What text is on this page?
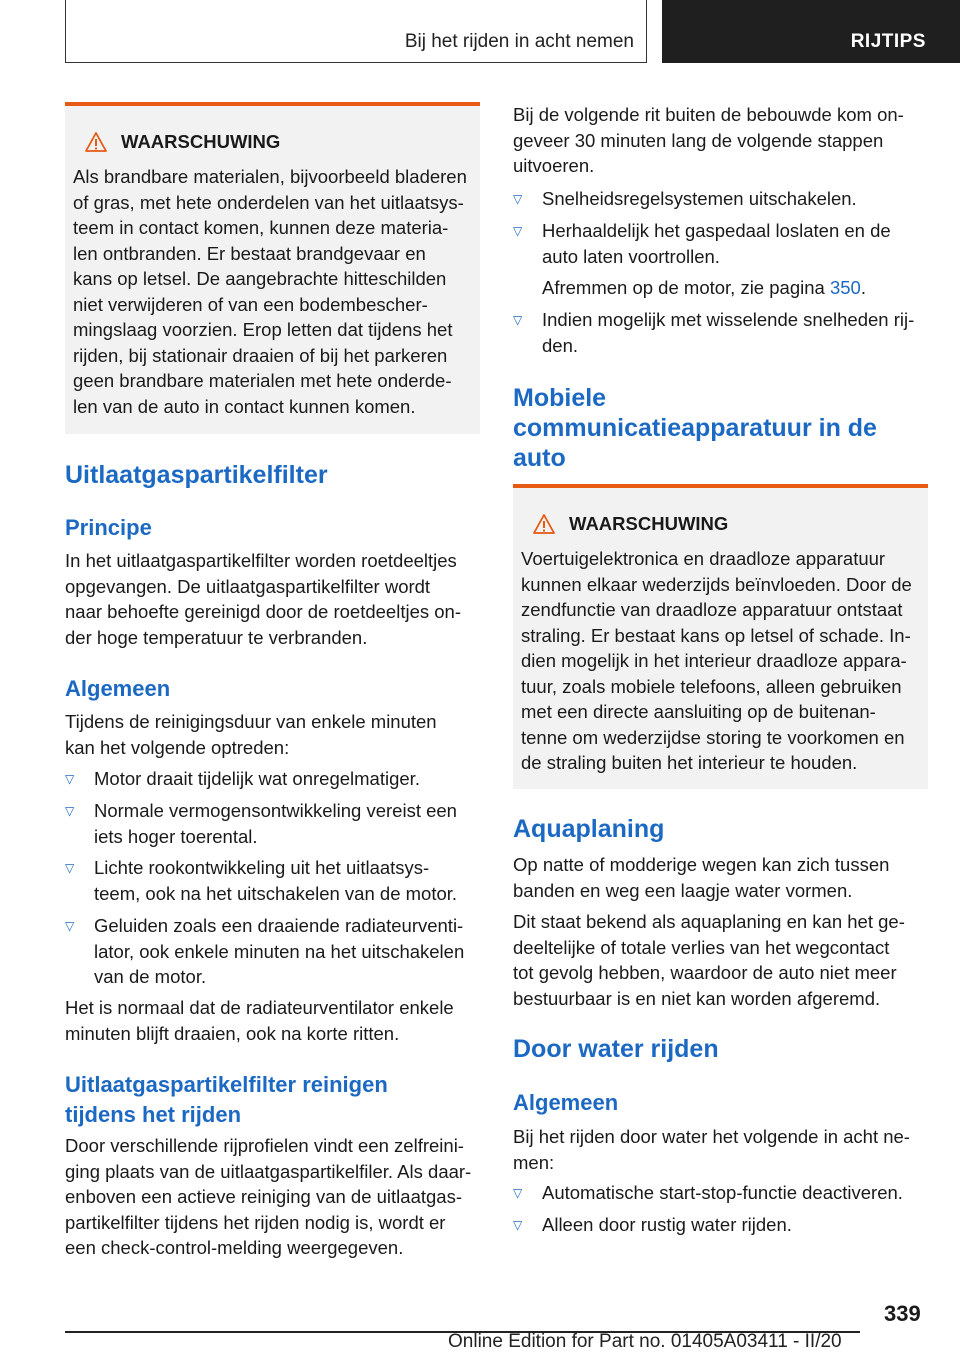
Bij het rijden in acht nemen	RIJTIPS
WAARSCHUWING

Als brandbare materialen, bijvoorbeeld bladeren

of gras, met hete onderdelen van het uitlaatsys-

teem in contact komen, kunnen deze materia-

len ontbranden. Er bestaat brandgevaar en

kans op letsel. De aangebrachte hitteschilden

niet verwijderen of van een bodembescher-

mingslaag voorzien. Erop letten dat tijdens het

rijden, bij stationair draaien of bij het parkeren

geen brandbare materialen met hete onderde-

len van de auto in contact kunnen komen.

Uitlaatgaspartikelfilter
Principe

In het uitlaatgaspartikelfilter worden roetdeeltjes

opgevangen. De uitlaatgaspartikelfilter wordt

naar behoefte gereinigd door de roetdeeltjes on-

der hoge temperatuur te verbranden.

Algemeen

Tijdens de reinigingsduur van enkele minuten

kan het volgende optreden:

▽	Motor draait tijdelijk wat onregelmatiger.

▽	Normale vermogensontwikkeling vereist een

iets hoger toerental.

▽	Lichte rookontwikkeling uit het uitlaatsys-

teem, ook na het uitschakelen van de motor.

▽	Geluiden zoals een draaiende radiateurventi-

lator, ook enkele minuten na het uitschakelen

van de motor.

Het is normaal dat de radiateurventilator enkele

minuten blijft draaien, ook na korte ritten.

Uitlaatgaspartikelfilter reinigen
tijdens het rijden

Door verschillende rijprofielen vindt een zelfreini-

ging plaats van de uitlaatgaspartikelfiler. Als daar-

enboven een actieve reiniging van de uitlaatgas-

partikelfilter tijdens het rijden nodig is, wordt er

een check-control-melding weergegeven.

Bij de volgende rit buiten de bebouwde kom on-

geveer 30 minuten lang de volgende stappen

uitvoeren.

▽	Snelheidsregelsystemen uitschakelen.

▽	Herhaaldelijk het gaspedaal loslaten en de

auto laten voortrollen.

Afremmen op de motor, zie pagina 350.

▽	Indien mogelijk met wisselende snelheden rij-

den.

Mobiele
communicatieapparatuur in de
auto
WAARSCHUWING

Voertuigelektronica en draadloze apparatuur

kunnen elkaar wederzijds beïnvloeden. Door de

zendfunctie van draadloze apparatuur ontstaat

straling. Er bestaat kans op letsel of schade. In-

dien mogelijk in het interieur draadloze appara-

tuur, zoals mobiele telefoons, alleen gebruiken

met een directe aansluiting op de buitenan-

tenne om wederzijdse storing te voorkomen en

de straling buiten het interieur te houden.

Aquaplaning

Op natte of modderige wegen kan zich tussen

banden en weg een laagje water vormen.

Dit staat bekend als aquaplaning en kan het ge-

deeltelijke of totale verlies van het wegcontact

tot gevolg hebben, waardoor de auto niet meer

bestuurbaar is en niet kan worden afgeremd.

Door water rijden
Algemeen

Bij het rijden door water het volgende in acht ne-

men:

▽	Automatische start-stop-functie deactiveren.

▽	Alleen door rustig water rijden.

339
Online Edition for Part no. 01405A03411 - II/20
